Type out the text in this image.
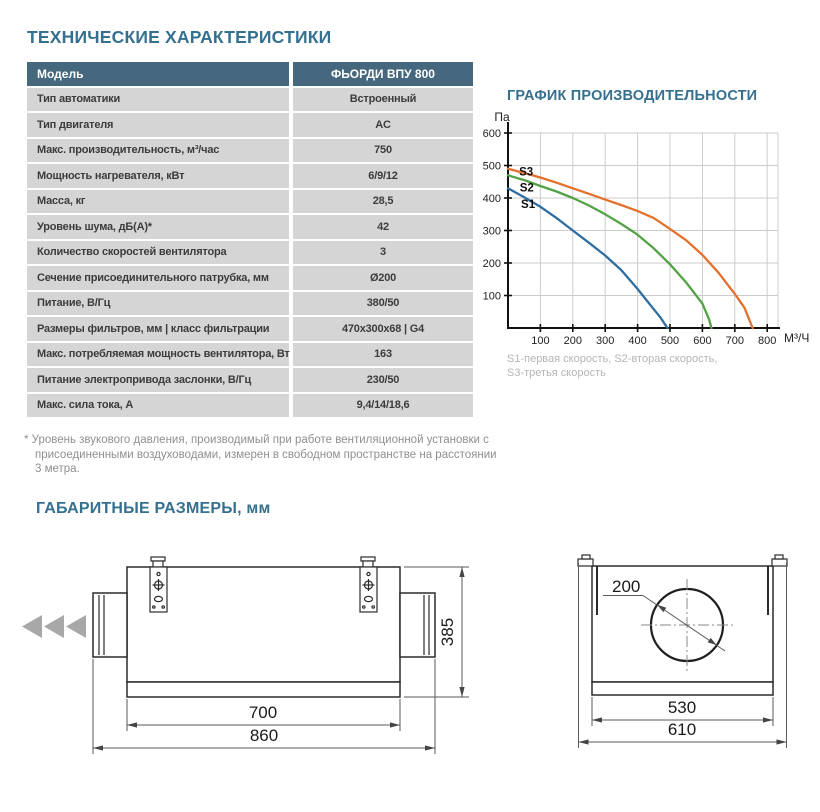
ТЕХНИЧЕСКИЕ ХАРАКТЕРИСТИКИ
Модель	ФЬОРДИ ВПУ 800
Тип автоматики	Встроенный
Тип двигателя	AC
Макс. производительность, м³/час	750
Мощность нагревателя, кВт	6/9/12
Масса, кг	28,5
Уровень шума, дБ(А)*	42
Количество скоростей вентилятора	3
Сечение присоединительного патрубка, мм	Ø200
Питание, В/Гц	380/50
Размеры фильтров, мм | класс фильтрации	470х300х68 | G4
Макс. потребляемая мощность вентилятора, Вт	163
Питание электропривода заслонки, В/Гц	230/50
Макс. сила тока, А	9,4/14/18,6
ГРАФИК ПРОИЗВОДИТЕЛЬНОСТИ
Па
М³/Ч
100
200
300
400
500
600
100 200 300 400 500 600 700 800
S3
S2
S1
S1-первая скорость, S2-вторая скорость,
S3-третья скорость
* Уровень звукового давления, производимый при работе вентиляционной установки с присоединенными воздуховодами, измерен в свободном пространстве на расстоянии 3 метра.
ГАБАРИТНЫЕ РАЗМЕРЫ, мм
385
700
860
200
530
610
